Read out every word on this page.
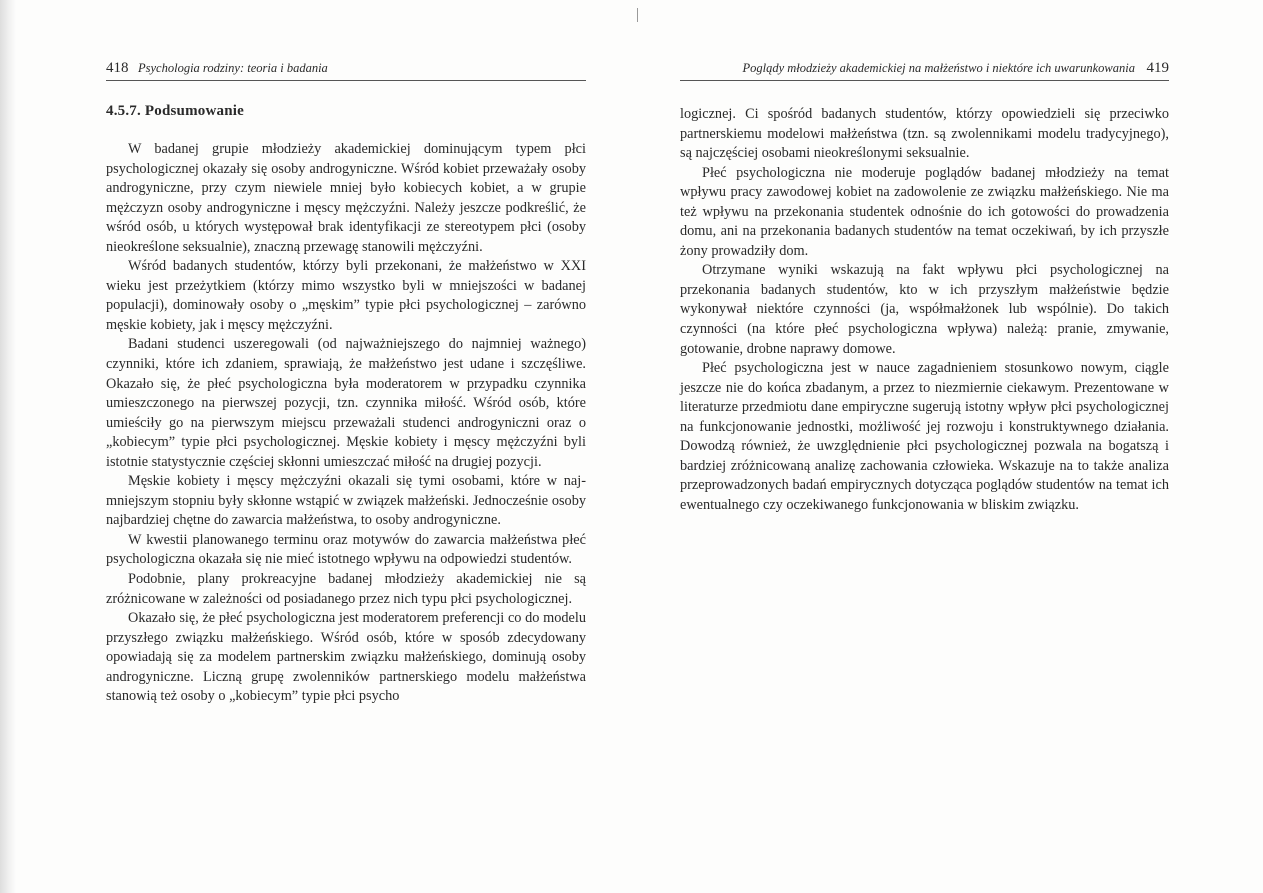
418 Psychologia rodziny: teoria i badania
4.5.7. Podsumowanie

W badanej grupie młodzieży akademickiej dominującym typem płci psychologicznej okazały się osoby androgyniczne. Wśród kobiet przeważały osoby androgyniczne, przy czym niewiele mniej było kobiecych kobiet, a w grupie mężczyzn osoby androgyniczne i męscy mężczyźni. Należy jeszcze podkreślić, że wśród osób, u których występował brak identyfikacji ze stereotypem płci (osoby nieokreślone seksualnie), znaczną przewagę stanowili mężczyźni.

Wśród badanych studentów, którzy byli przekonani, że małżeństwo w XXI wieku jest przeżytkiem (którzy mimo wszystko byli w mniejszości w badanej populacji), dominowały osoby o „męskim” typie płci psychologicznej – zarówno męskie kobiety, jak i męscy mężczyźni.

Badani studenci uszeregowali (od najważniejszego do najmniej ważnego) czynniki, które ich zdaniem, sprawiają, że małżeństwo jest udane i szczęśliwe. Okazało się, że płeć psychologiczna była moderatorem w przypadku czynnika umieszczonego na pierwszej pozycji, tzn. czynnika miłość. Wśród osób, które umieściły go na pierwszym miejscu przeważali studenci androgyniczni oraz o „kobiecym” typie płci psychologicznej. Męskie kobiety i męscy mężczyźni byli istotnie statystycznie częściej skłonni umieszczać miłość na drugiej pozycji.

Męskie kobiety i męscy mężczyźni okazali się tymi osobami, które w najmniejszym stopniu były skłonne wstąpić w związek małżeński. Jednocześnie osoby najbardziej chętne do zawarcia małżeństwa, to osoby androgyniczne.

W kwestii planowanego terminu oraz motywów do zawarcia małżeństwa płeć psychologiczna okazała się nie mieć istotnego wpływu na odpowiedzi studentów.

Podobnie, plany prokreacyjne badanej młodzieży akademickiej nie są zróżnicowane w zależności od posiadanego przez nich typu płci psychologicznej.

Okazało się, że płeć psychologiczna jest moderatorem preferencji co do modelu przyszłego związku małżeńskiego. Wśród osób, które w sposób zdecydowany opowiadają się za modelem partnerskim związku małżeńskiego, dominują osoby androgyniczne. Liczną grupę zwolenników partnerskiego modelu małżeństwa stanowią też osoby o „kobiecym” typie płci psycho

Poglądy młodzieży akademickiej na małżeństwo i niektóre ich uwarunkowania 419

logicznej. Ci spośród badanych studentów, którzy opowiedzieli się przeciwko partnerskiemu modelowi małżeństwa (tzn. są zwolennikami modelu tradycyjnego), są najczęściej osobami nieokreślonymi seksualnie.

Płeć psychologiczna nie moderuje poglądów badanej młodzieży na temat wpływu pracy zawodowej kobiet na zadowolenie ze związku małżeńskiego. Nie ma też wpływu na przekonania studentek odnośnie do ich gotowości do prowadzenia domu, ani na przekonania badanych studentów na temat oczekiwań, by ich przyszłe żony prowadziły dom.

Otrzymane wyniki wskazują na fakt wpływu płci psychologicznej na przekonania badanych studentów, kto w ich przyszłym małżeństwie będzie wykonywał niektóre czynności (ja, współmałżonek lub wspólnie). Do takich czynności (na które płeć psychologiczna wpływa) należą: pranie, zmywanie, gotowanie, drobne naprawy domowe.

Płeć psychologiczna jest w nauce zagadnieniem stosunkowo nowym, ciągle jeszcze nie do końca zbadanym, a przez to niezmiernie ciekawym. Prezentowane w literaturze przedmiotu dane empiryczne sugerują istotny wpływ płci psychologicznej na funkcjonowanie jednostki, możliwość jej rozwoju i konstruktywnego działania. Dowodzą również, że uwzględnienie płci psychologicznej pozwala na bogatszą i bardziej zróżnicowaną analizę zachowania człowieka. Wskazuje na to także analiza przeprowadzonych badań empirycznych dotycząca poglądów studentów na temat ich ewentualnego czy oczekiwanego funkcjonowania w bliskim związku.
